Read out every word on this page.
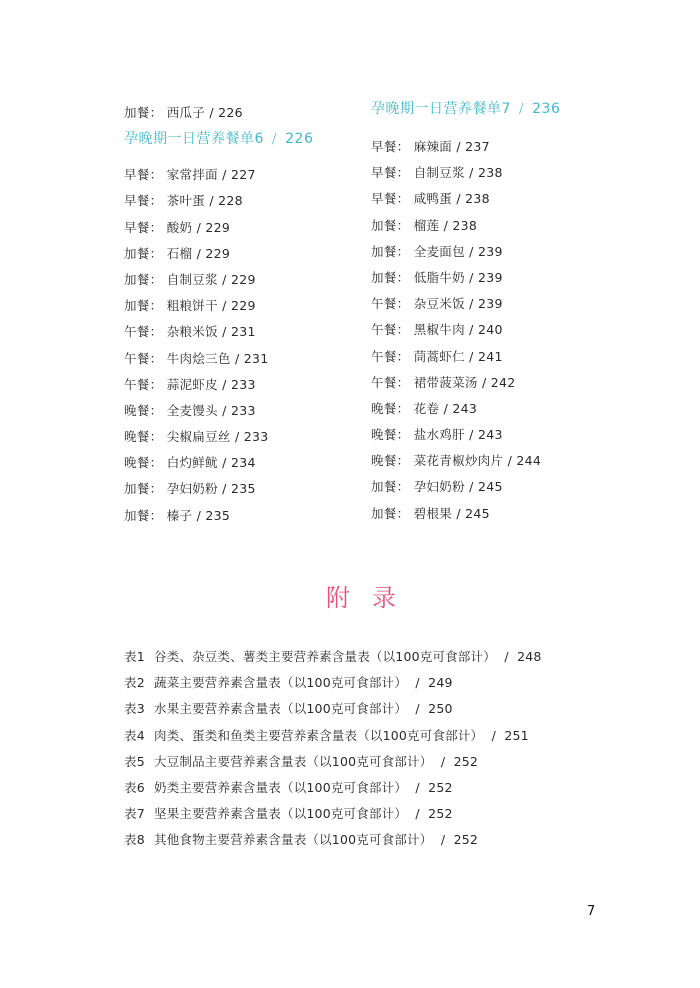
加餐： 西瓜子 / 226
孕晚期一日营养餐单6 / 226
早餐： 家常拌面 / 227
早餐： 茶叶蛋 / 228
早餐： 酸奶 / 229
加餐： 石榴 / 229
加餐： 自制豆浆 / 229
加餐： 粗粮饼干 / 229
午餐： 杂粮米饭 / 231
午餐： 牛肉烩三色 / 231
午餐： 蒜泥虾皮 / 233
晚餐： 全麦馒头 / 233
晚餐： 尖椒扁豆丝 / 233
晚餐： 白灼鲜鱿 / 234
加餐： 孕妇奶粉 / 235
加餐： 榛子 / 235
孕晚期一日营养餐单7 / 236
早餐： 麻辣面 / 237
早餐： 自制豆浆 / 238
早餐： 咸鸭蛋 / 238
加餐： 榴莲 / 238
加餐： 全麦面包 / 239
加餐： 低脂牛奶 / 239
午餐： 杂豆米饭 / 239
午餐： 黑椒牛肉 / 240
午餐： 茼蒿虾仁 / 241
午餐： 裙带菠菜汤 / 242
晚餐： 花卷 / 243
晚餐： 盐水鸡肝 / 243
晚餐： 菜花青椒炒肉片 / 244
加餐： 孕妇奶粉 / 245
加餐： 碧根果 / 245
附录
表1 谷类、杂豆类、薯类主要营养素含量表（以100克可食部计）  /  248
表2 蔬菜主要营养素含量表（以100克可食部计）  /  249
表3 水果主要营养素含量表（以100克可食部计）  /  250
表4 肉类、蛋类和鱼类主要营养素含量表（以100克可食部计）  /  251
表5 大豆制品主要营养素含量表（以100克可食部计）  /  252
表6 奶类主要营养素含量表（以100克可食部计）  /  252
表7 坚果主要营养素含量表（以100克可食部计）  /  252
表8 其他食物主要营养素含量表（以100克可食部计）  /  252
7
